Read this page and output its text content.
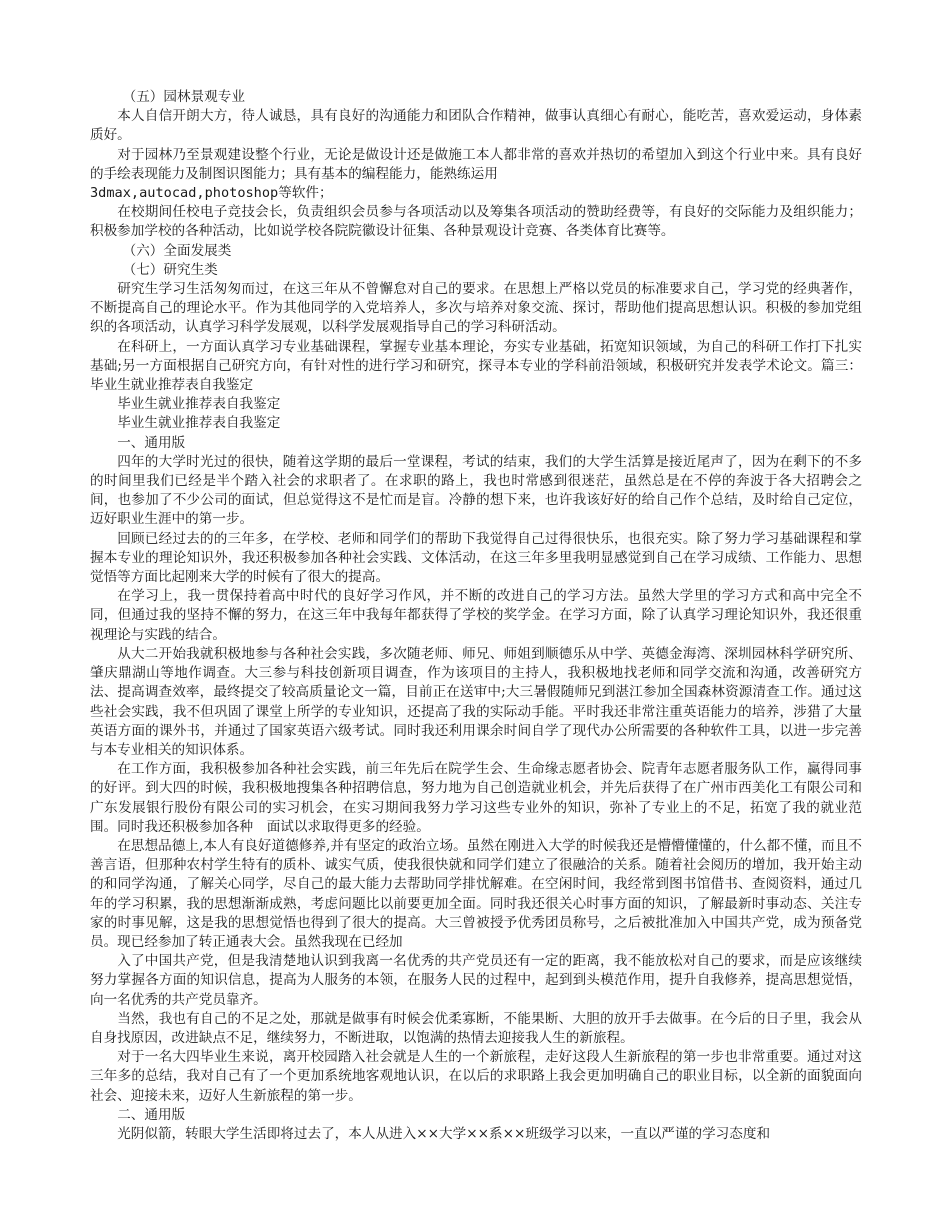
（五）园林景观专业

本人自信开朗大方，待人诚恳，具有良好的沟通能力和团队合作精神，做事认真细心有耐心，能吃苦，喜欢爱运动，身体素质好。

对于园林乃至景观建设整个行业，无论是做设计还是做施工本人都非常的喜欢并热切的希望加入到这个行业中来。具有良好的手绘表现能力及制图识图能力；具有基本的编程能力，能熟练运用

3dmax,autocad,photoshop等软件；

在校期间任校电子竞技会长，负责组织会员参与各项活动以及筹集各项活动的赞助经费等，有良好的交际能力及组织能力；积极参加学校的各种活动，比如说学校各院院徽设计征集、各种景观设计竞赛、各类体育比赛等。

（六）全面发展类

（七）研究生类

研究生学习生活匆匆而过，在这三年从不曾懈怠对自己的要求。在思想上严格以党员的标准要求自己，学习党的经典著作，不断提高自己的理论水平。作为其他同学的入党培养人，多次与培养对象交流、探讨，帮助他们提高思想认识。积极的参加党组织的各项活动，认真学习科学发展观，以科学发展观指导自己的学习科研活动。

在科研上，一方面认真学习专业基础课程，掌握专业基本理论，夯实专业基础，拓宽知识领域，为自己的科研工作打下扎实基础;另一方面根据自己研究方向，有针对性的进行学习和研究，探寻本专业的学科前沿领域，积极研究并发表学术论文。篇三：毕业生就业推荐表自我鉴定

毕业生就业推荐表自我鉴定

毕业生就业推荐表自我鉴定

一、通用版

四年的大学时光过的很快，随着这学期的最后一堂课程，考试的结束，我们的大学生活算是接近尾声了，因为在剩下的不多的时间里我们已经是半个踏入社会的求职者了。在求职的路上，我也时常感到很迷茫，虽然总是在不停的奔波于各大招聘会之间，也参加了不少公司的面试，但总觉得这不是忙而是盲。冷静的想下来，也许我该好好的给自己作个总结，及时给自己定位，迈好职业生涯中的第一步。

回顾已经过去的的三年多，在学校、老师和同学们的帮助下我觉得自己过得很快乐，也很充实。除了努力学习基础课程和掌握本专业的理论知识外，我还积极参加各种社会实践、文体活动，在这三年多里我明显感觉到自己在学习成绩、工作能力、思想觉悟等方面比起刚来大学的时候有了很大的提高。

在学习上，我一贯保持着高中时代的良好学习作风，并不断的改进自己的学习方法。虽然大学里的学习方式和高中完全不同，但通过我的坚持不懈的努力，在这三年中我每年都获得了学校的奖学金。在学习方面，除了认真学习理论知识外，我还很重视理论与实践的结合。

从大二开始我就积极地参与各种社会实践，多次随老师、师兄、师姐到顺德乐从中学、英德金海湾、深圳园林科学研究所、肇庆鼎湖山等地作调查。大三参与科技创新项目调查，作为该项目的主持人，我积极地找老师和同学交流和沟通，改善研究方法、提高调查效率，最终提交了较高质量论文一篇，目前正在送审中;大三暑假随师兄到湛江参加全国森林资源清查工作。通过这些社会实践，我不但巩固了课堂上所学的专业知识，还提高了我的实际动手能。平时我还非常注重英语能力的培养，涉猎了大量英语方面的课外书，并通过了国家英语六级考试。同时我还利用课余时间自学了现代办公所需要的各种软件工具，以进一步完善与本专业相关的知识体系。

在工作方面，我积极参加各种社会实践，前三年先后在院学生会、生命缘志愿者协会、院青年志愿者服务队工作，赢得同事的好评。到大四的时候，我积极地搜集各种招聘信息，努力地为自己创造就业机会，并先后获得了在广州市西美化工有限公司和广东发展银行股份有限公司的实习机会，在实习期间我努力学习这些专业外的知识，弥补了专业上的不足，拓宽了我的就业范围。同时我还积极参加各种　面试以求取得更多的经验。

在思想品德上,本人有良好道德修养,并有坚定的政治立场。虽然在刚进入大学的时候我还是懵懵懂懂的，什么都不懂，而且不善言语，但那种农村学生特有的质朴、诚实气质，使我很快就和同学们建立了很融洽的关系。随着社会阅历的增加，我开始主动的和同学沟通，了解关心同学，尽自己的最大能力去帮助同学排忧解难。在空闲时间，我经常到图书馆借书、查阅资料，通过几年的学习积累，我的思想渐渐成熟，考虑问题比以前要更加全面。同时我还很关心时事方面的知识，了解最新时事动态、关注专家的时事见解，这是我的思想觉悟也得到了很大的提高。大三曾被授予优秀团员称号，之后被批准加入中国共产党，成为预备党员。现已经参加了转正通表大会。虽然我现在已经加

入了中国共产党，但是我清楚地认识到我离一名优秀的共产党员还有一定的距离，我不能放松对自己的要求，而是应该继续努力掌握各方面的知识信息，提高为人服务的本领，在服务人民的过程中，起到到头模范作用，提升自我修养，提高思想觉悟，向一名优秀的共产党员靠齐。

当然，我也有自己的不足之处，那就是做事有时候会优柔寡断，不能果断、大胆的放开手去做事。在今后的日子里，我会从自身找原因，改进缺点不足，继续努力，不断进取，以饱满的热情去迎接我人生的新旅程。

对于一名大四毕业生来说，离开校园踏入社会就是人生的一个新旅程，走好这段人生新旅程的第一步也非常重要。通过对这三年多的总结，我对自己有了一个更加系统地客观地认识，在以后的求职路上我会更加明确自己的职业目标，以全新的面貌面向社会、迎接未来，迈好人生新旅程的第一步。

二、通用版

光阴似箭，转眼大学生活即将过去了，本人从进入××大学××系××班级学习以来，一直以严谨的学习态度和
